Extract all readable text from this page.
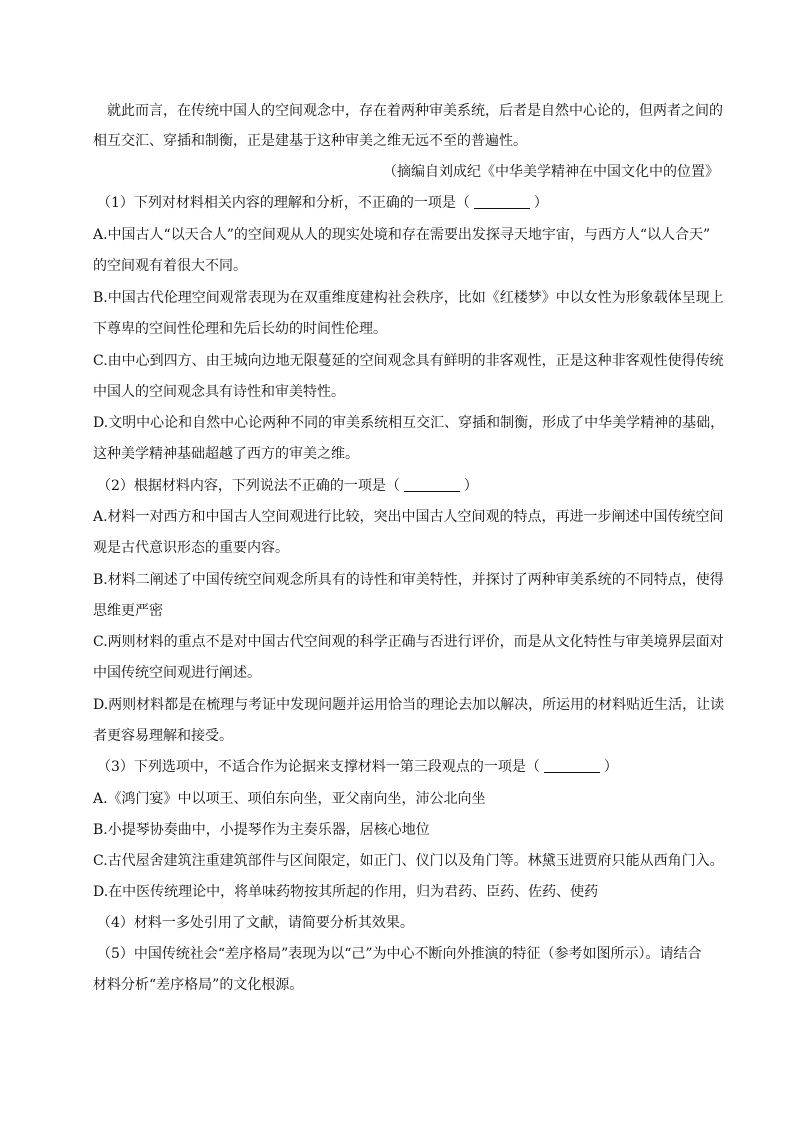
就此而言，在传统中国人的空间观念中，存在着两种审美系统，后者是自然中心论的，但两者之间的
相互交汇、穿插和制衡，正是建基于这种审美之维无远不至的普遍性。
（摘编自刘成纪《中华美学精神在中国文化中的位置》
（1）下列对材料相关内容的理解和分析，不正确的一项是（	）
A.中国古人“以天合人”的空间观从人的现实处境和存在需要出发探寻天地宇宙，与西方人“以人合天”
的空间观有着很大不同。
B.中国古代伦理空间观常表现为在双重维度建构社会秩序，比如《红楼梦》中以女性为形象载体呈现上
下尊卑的空间性伦理和先后长幼的时间性伦理。
C.由中心到四方、由王城向边地无限蔓延的空间观念具有鲜明的非客观性，正是这种非客观性使得传统
中国人的空间观念具有诗性和审美特性。
D.文明中心论和自然中心论两种不同的审美系统相互交汇、穿插和制衡，形成了中华美学精神的基础，
这种美学精神基础超越了西方的审美之维。
（2）根据材料内容，下列说法不正确的一项是（	）
A.材料一对西方和中国古人空间观进行比较，突出中国古人空间观的特点，再进一步阐述中国传统空间
观是古代意识形态的重要内容。
B.材料二阐述了中国传统空间观念所具有的诗性和审美特性，并探讨了两种审美系统的不同特点，使得
思维更严密
C.两则材料的重点不是对中国古代空间观的科学正确与否进行评价，而是从文化特性与审美境界层面对
中国传统空间观进行阐述。
D.两则材料都是在梳理与考证中发现问题并运用恰当的理论去加以解决，所运用的材料贴近生活，让读
者更容易理解和接受。
（3）下列选项中，不适合作为论据来支撑材料一第三段观点的一项是（	）
A.《鸿门宴》中以项王、项伯东向坐，亚父南向坐，沛公北向坐
B.小提琴协奏曲中，小提琴作为主奏乐器，居核心地位
C.古代屋舍建筑注重建筑部件与区间限定，如正门、仪门以及角门等。林黛玉进贾府只能从西角门入。
D.在中医传统理论中，将单味药物按其所起的作用，归为君药、臣药、佐药、使药
（4）材料一多处引用了文献，请简要分析其效果。
（5）中国传统社会“差序格局”表现为以“己”为中心不断向外推演的特征（参考如图所示）。请结合
材料分析“差序格局”的文化根源。
